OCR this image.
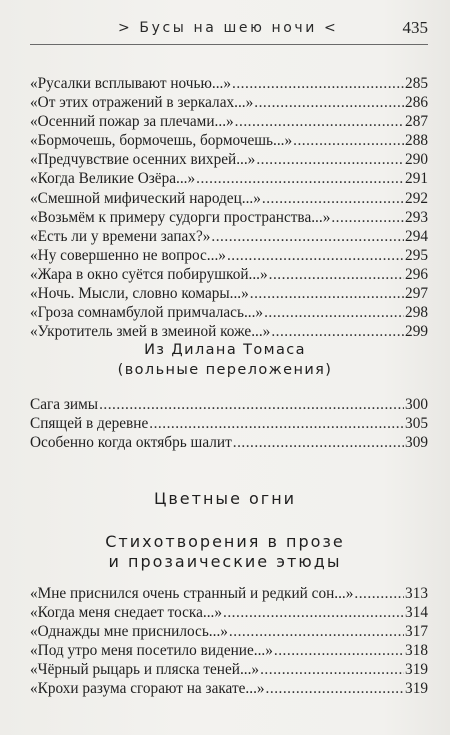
> Бусы на шею ночи <	435
«Русалки всплывают ночью...» .....	285
«От этих отражений в зеркалах...» .....	286
«Осенний пожар за плечами...» .....	287
«Бормочешь, бормочешь, бормочешь...» .....	288
«Предчувствие осенних вихрей...» .....	290
«Когда Великие Озёра...» .....	291
«Смешной мифический народец...» .....	292
«Возьмём к примеру судорги пространства...» .....	293
«Есть ли у времени запах?» .....	294
«Ну совершенно не вопрос...» .....	295
«Жара в окно суётся побирушкой...» .....	296
«Ночь. Мысли, словно комары...» .....	297
«Гроза сомнамбулой примчалась...» .....	298
«Укротитель змей в змеиной коже...» .....	299
Из Дилана Томаса
(вольные переложения)
Сага зимы .....	300
Спящей в деревне .....	305
Особенно когда октябрь шалит .....	309
Цветные огни
Стихотворения в прозе
и прозаические этюды
«Мне приснился очень странный и редкий сон...» .....	313
«Когда меня снедает тоска...» .....	314
«Однажды мне приснилось...» .....	317
«Под утро меня посетило видение...» .....	318
«Чёрный рыцарь и пляска теней...» .....	319
«Крохи разума сгорают на закате...» .....	319
